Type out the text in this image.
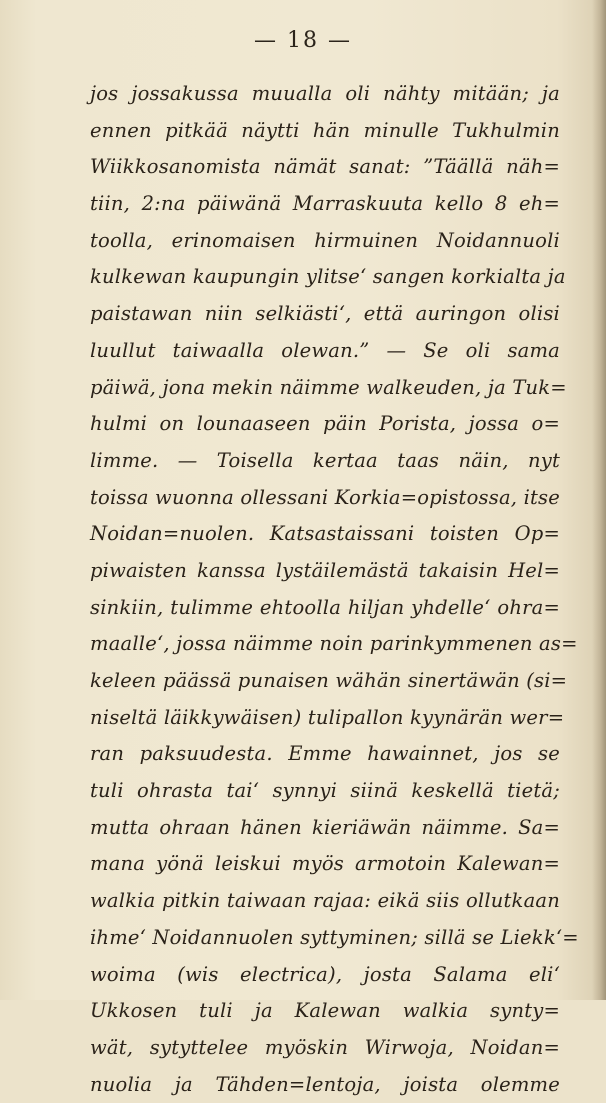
— 18 —
jos jossakussa muualla oli nähty mitään; ja
ennen pitkää näytti hän minulle Tukhulmin
Wiikkosanomista nämät sanat: ”Täällä näh=
tiin, 2:na päiwänä Marraskuuta kello 8 eh=
toolla, erinomaisen hirmuinen Noidannuoli
kulkewan kaupungin ylitse‘ sangen korkialta ja
paistawan niin selkiästi‘, että auringon olisi
luullut taiwaalla olewan.” — Se oli sama
päiwä, jona mekin näimme walkeuden, ja Tuk=
hulmi on lounaaseen päin Porista, jossa o=
limme. — Toisella kertaa taas näin, nyt
toissa wuonna ollessani Korkia=opistossa, itse
Noidan=nuolen. Katsastaissani toisten Op=
piwaisten kanssa lystäilemästä takaisin Hel=
sinkiin, tulimme ehtoolla hiljan yhdelle‘ ohra=
maalle‘, jossa näimme noin parinkymmenen as=
keleen päässä punaisen wähän sinertäwän (si=
niseltä läikkywäisen) tulipallon kyynärän wer=
ran paksuudesta. Emme hawainnet, jos se
tuli ohrasta tai‘ synnyi siinä keskellä tietä;
mutta ohraan hänen kieriäwän näimme. Sa=
mana yönä leiskui myös armotoin Kalewan=
walkia pitkin taiwaan rajaa: eikä siis ollutkaan
ihme‘ Noidannuolen syttyminen; sillä se Liekk‘=
woima (wis electrica), josta Salama eli‘
Ukkosen tuli ja Kalewan walkia synty=
wät, sytyttelee myöskin Wirwoja, Noidan=
nuolia ja Tähden=lentoja, joista olemme
